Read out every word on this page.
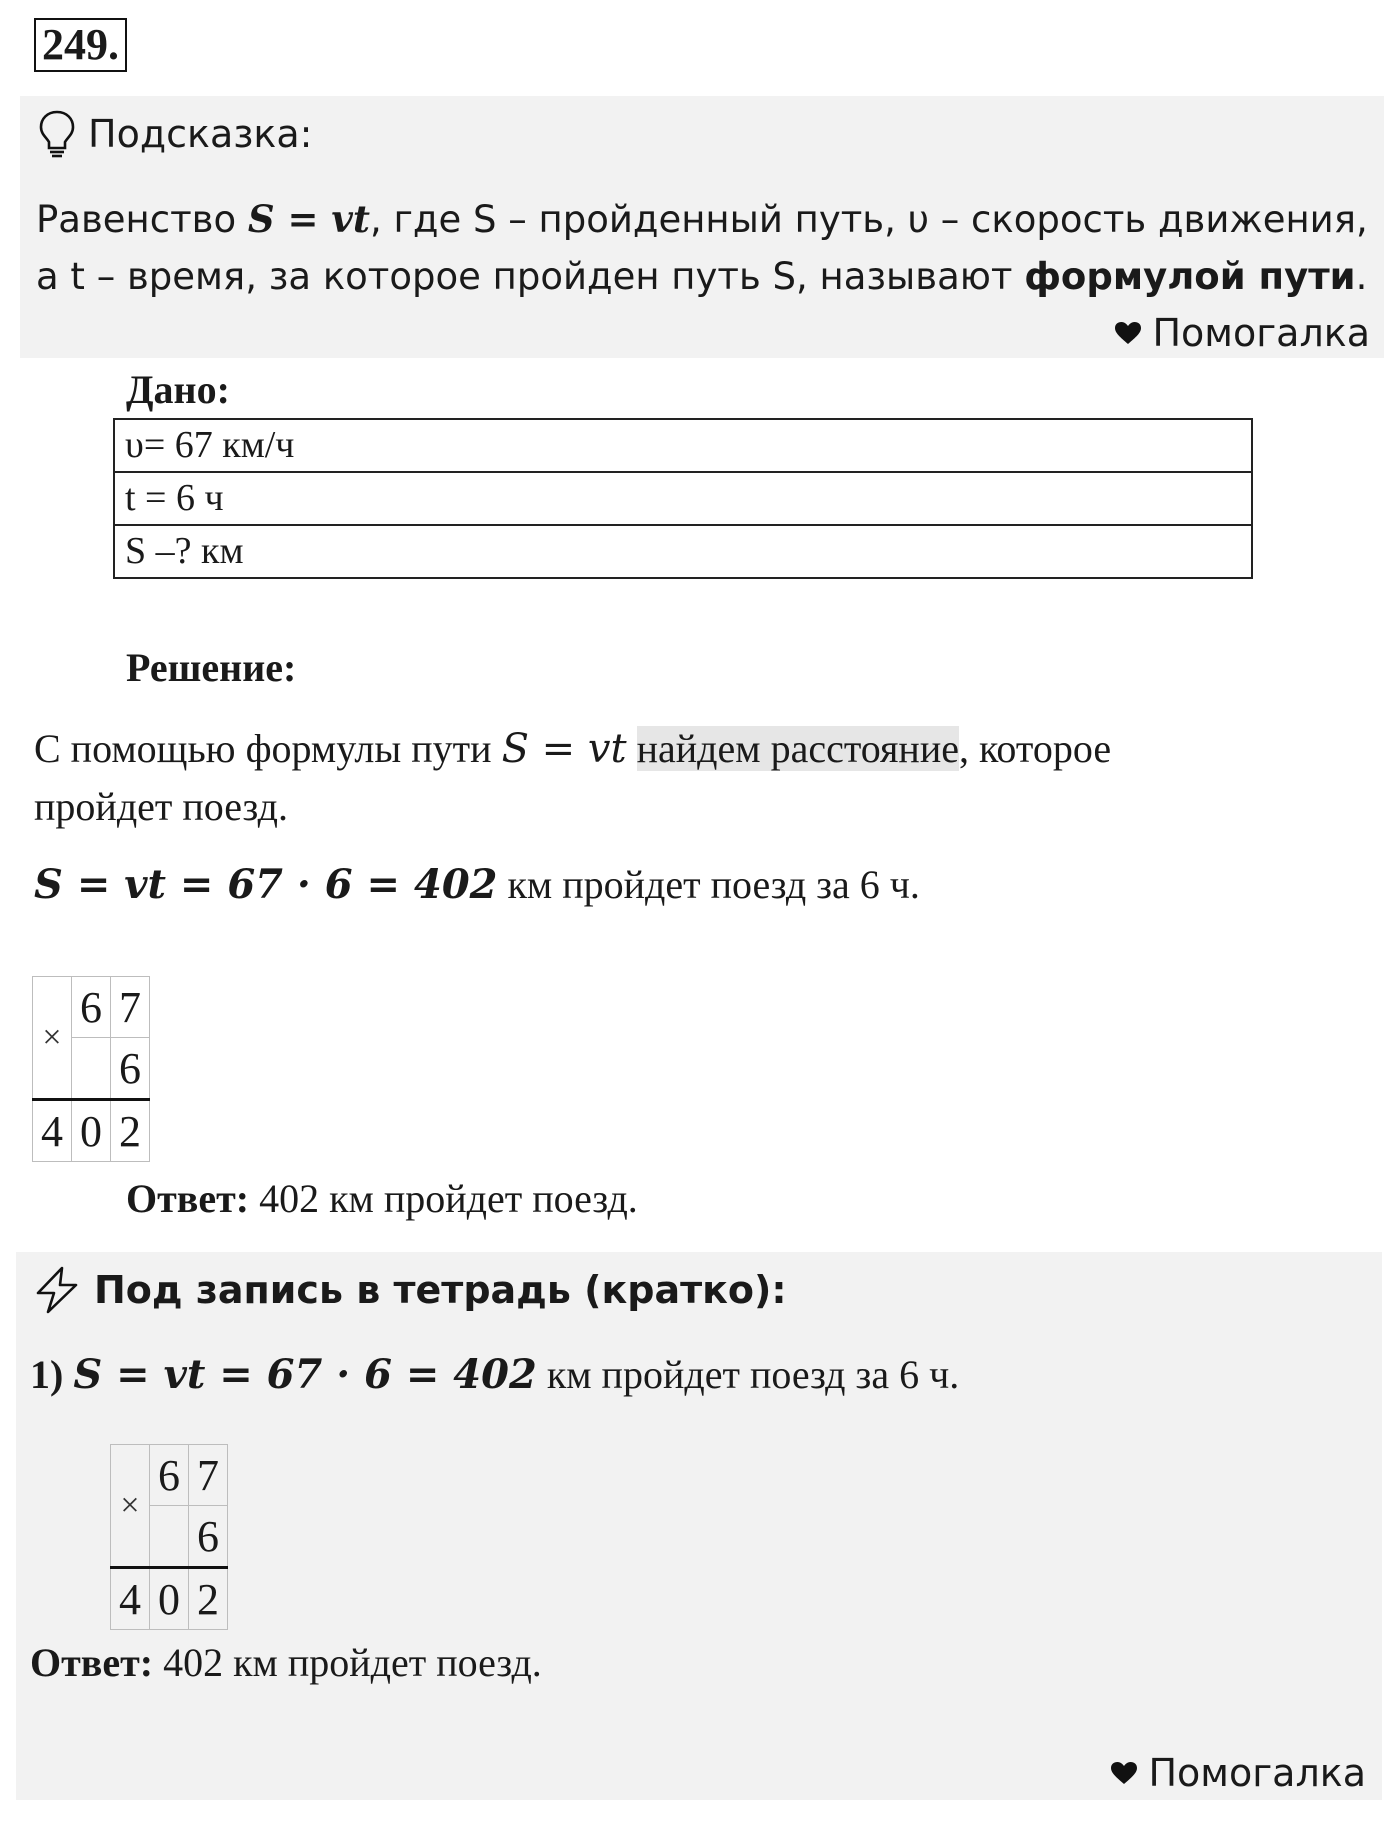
249.
Подсказка:
Равенство S = vt, где S – пройденный путь, υ – скорость движения,
а t – время, за которое пройден путь S, называют формулой пути.
Помогалка
Дано:
υ= 67 км/ч
t = 6 ч
S –? км
Решение:
С помощью формулы пути S = vt найдем расстояние, которое
пройдет поезд.
S = vt = 67 · 6 = 402 км пройдет поезд за 6 ч.
×	6	7
		6
4	0	2
Ответ: 402 км пройдет поезд.
Под запись в тетрадь (кратко):
1) S = vt = 67 · 6 = 402 км пройдет поезд за 6 ч.
×	6	7
		6
4	0	2
Ответ: 402 км пройдет поезд.
Помогалка
